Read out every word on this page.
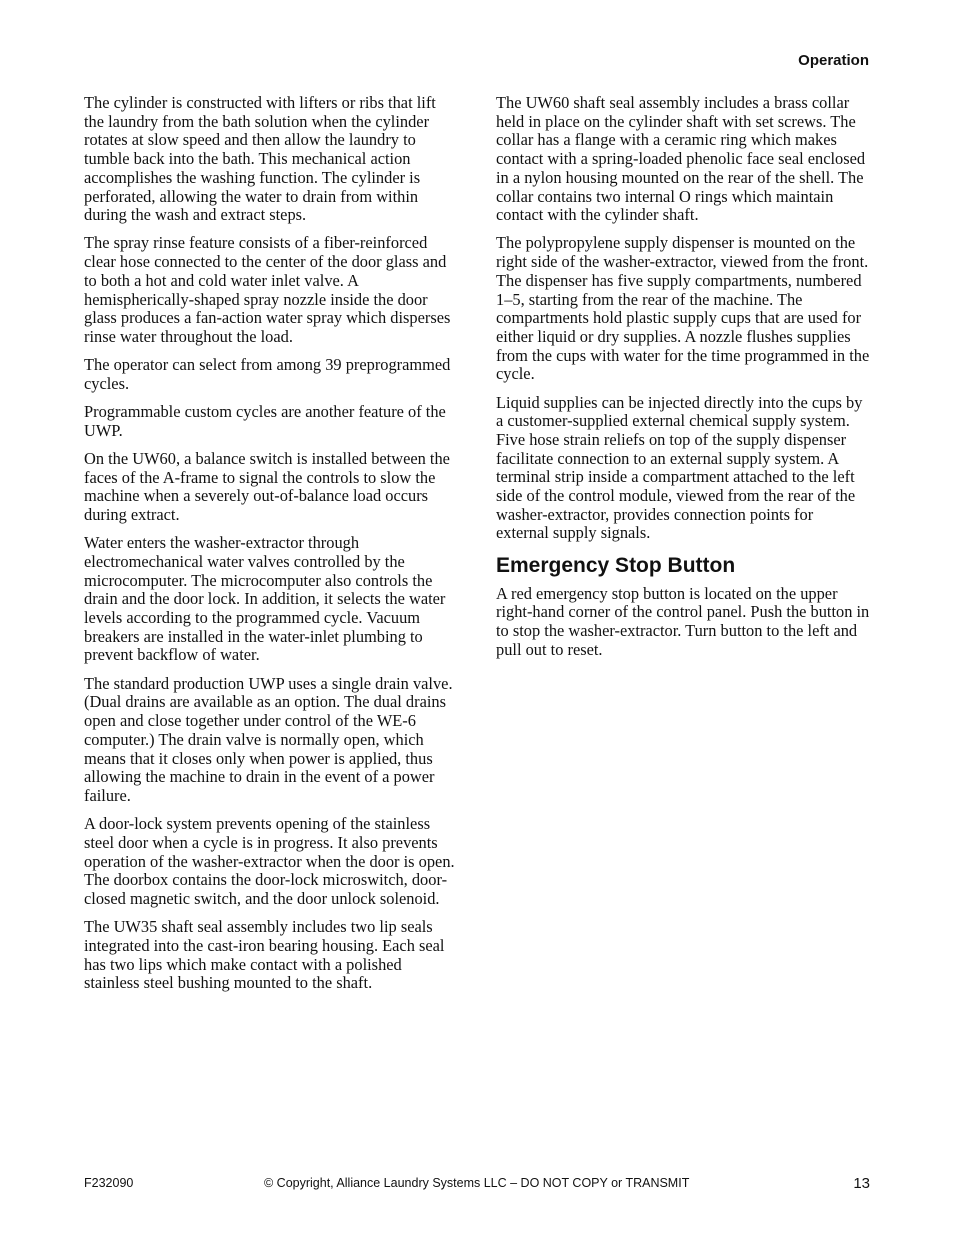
Operation

The cylinder is constructed with lifters or ribs that lift the laundry from the bath solution when the cylinder rotates at slow speed and then allow the laundry to tumble back into the bath. This mechanical action accomplishes the washing function. The cylinder is perforated, allowing the water to drain from within during the wash and extract steps.

The spray rinse feature consists of a fiber-reinforced clear hose connected to the center of the door glass and to both a hot and cold water inlet valve. A hemispherically-shaped spray nozzle inside the door glass produces a fan-action water spray which disperses rinse water throughout the load.

The operator can select from among 39 preprogrammed cycles.

Programmable custom cycles are another feature of the UWP.

On the UW60, a balance switch is installed between the faces of the A-frame to signal the controls to slow the machine when a severely out-of-balance load occurs during extract.

Water enters the washer-extractor through electromechanical water valves controlled by the microcomputer. The microcomputer also controls the drain and the door lock. In addition, it selects the water levels according to the programmed cycle. Vacuum breakers are installed in the water-inlet plumbing to prevent backflow of water.

The standard production UWP uses a single drain valve. (Dual drains are available as an option. The dual drains open and close together under control of the WE-6 computer.) The drain valve is normally open, which means that it closes only when power is applied, thus allowing the machine to drain in the event of a power failure.

A door-lock system prevents opening of the stainless steel door when a cycle is in progress. It also prevents operation of the washer-extractor when the door is open. The doorbox contains the door-lock microswitch, door-closed magnetic switch, and the door unlock solenoid.

The UW35 shaft seal assembly includes two lip seals integrated into the cast-iron bearing housing. Each seal has two lips which make contact with a polished stainless steel bushing mounted to the shaft.

The UW60 shaft seal assembly includes a brass collar held in place on the cylinder shaft with set screws. The collar has a flange with a ceramic ring which makes contact with a spring-loaded phenolic face seal enclosed in a nylon housing mounted on the rear of the shell. The collar contains two internal O rings which maintain contact with the cylinder shaft.

The polypropylene supply dispenser is mounted on the right side of the washer-extractor, viewed from the front. The dispenser has five supply compartments, numbered 1–5, starting from the rear of the machine. The compartments hold plastic supply cups that are used for either liquid or dry supplies. A nozzle flushes supplies from the cups with water for the time programmed in the cycle.

Liquid supplies can be injected directly into the cups by a customer-supplied external chemical supply system. Five hose strain reliefs on top of the supply dispenser facilitate connection to an external supply system. A terminal strip inside a compartment attached to the left side of the control module, viewed from the rear of the washer-extractor, provides connection points for external supply signals.

Emergency Stop Button

A red emergency stop button is located on the upper right-hand corner of the control panel. Push the button in to stop the washer-extractor. Turn button to the left and pull out to reset.

F232090	© Copyright, Alliance Laundry Systems LLC – DO NOT COPY or TRANSMIT	13
